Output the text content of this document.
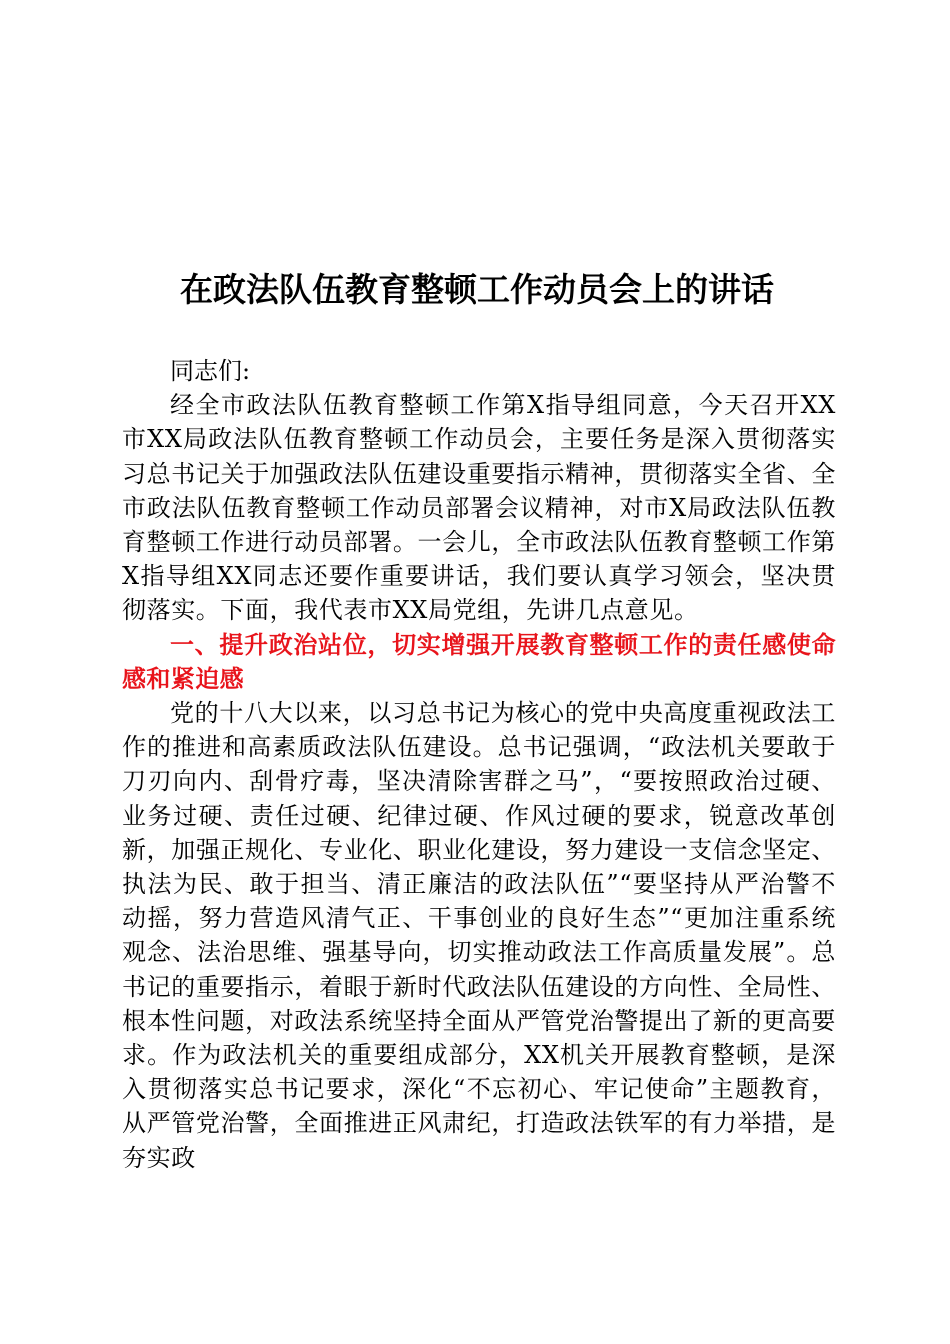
在政法队伍教育整顿工作动员会上的讲话

同志们:

经全市政法队伍教育整顿工作第X指导组同意，今天召开XX市XX局政法队伍教育整顿工作动员会，主要任务是深入贯彻落实习总书记关于加强政法队伍建设重要指示精神，贯彻落实全省、全市政法队伍教育整顿工作动员部署会议精神，对市X局政法队伍教育整顿工作进行动员部署。一会儿，全市政法队伍教育整顿工作第X指导组XX同志还要作重要讲话，我们要认真学习领会，坚决贯彻落实。下面，我代表市XX局党组，先讲几点意见。

一、提升政治站位，切实增强开展教育整顿工作的责任感使命感和紧迫感

党的十八大以来，以习总书记为核心的党中央高度重视政法工作的推进和高素质政法队伍建设。总书记强调，“政法机关要敢于刀刃向内、刮骨疗毒，坚决清除害群之马”，“要按照政治过硬、业务过硬、责任过硬、纪律过硬、作风过硬的要求，锐意改革创新，加强正规化、专业化、职业化建设，努力建设一支信念坚定、执法为民、敢于担当、清正廉洁的政法队伍”“要坚持从严治警不动摇，努力营造风清气正、干事创业的良好生态”“更加注重系统观念、法治思维、强基导向，切实推动政法工作高质量发展”。总书记的重要指示，着眼于新时代政法队伍建设的方向性、全局性、根本性问题，对政法系统坚持全面从严管党治警提出了新的更高要求。作为政法机关的重要组成部分，XX机关开展教育整顿，是深入贯彻落实总书记要求，深化“不忘初心、牢记使命”主题教育，从严管党治警，全面推进正风肃纪，打造政法铁军的有力举措，是夯实政
